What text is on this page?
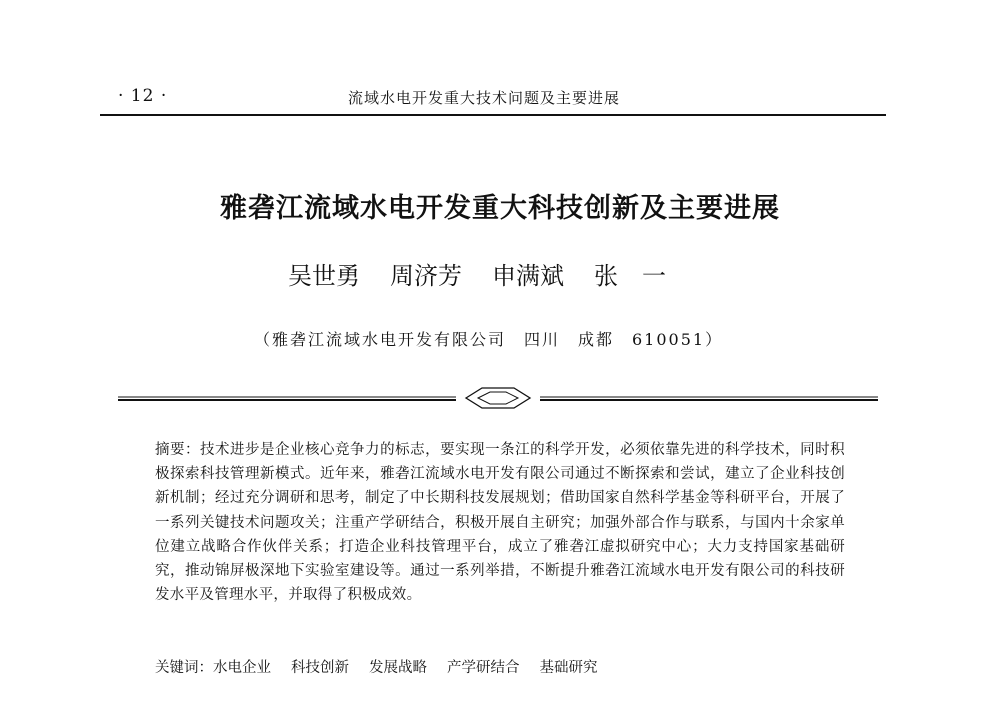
· 12 ·	流域水电开发重大技术问题及主要进展
雅砻江流域水电开发重大科技创新及主要进展
吴世勇 周济芳 申满斌 张　一
（雅砻江流域水电开发有限公司　四川　成都　610051）
摘要：技术进步是企业核心竞争力的标志，要实现一条江的科学开发，必须依靠先进的科学技术，同时积极探索科技管理新模式。近年来，雅砻江流域水电开发有限公司通过不断探索和尝试，建立了企业科技创新机制；经过充分调研和思考，制定了中长期科技发展规划；借助国家自然科学基金等科研平台，开展了一系列关键技术问题攻关；注重产学研结合，积极开展自主研究；加强外部合作与联系，与国内十余家单位建立战略合作伙伴关系；打造企业科技管理平台，成立了雅砻江虚拟研究中心；大力支持国家基础研究，推动锦屏极深地下实验室建设等。通过一系列举措，不断提升雅砻江流域水电开发有限公司的科技研发水平及管理水平，并取得了积极成效。
关键词：水电企业 科技创新 发展战略 产学研结合 基础研究
